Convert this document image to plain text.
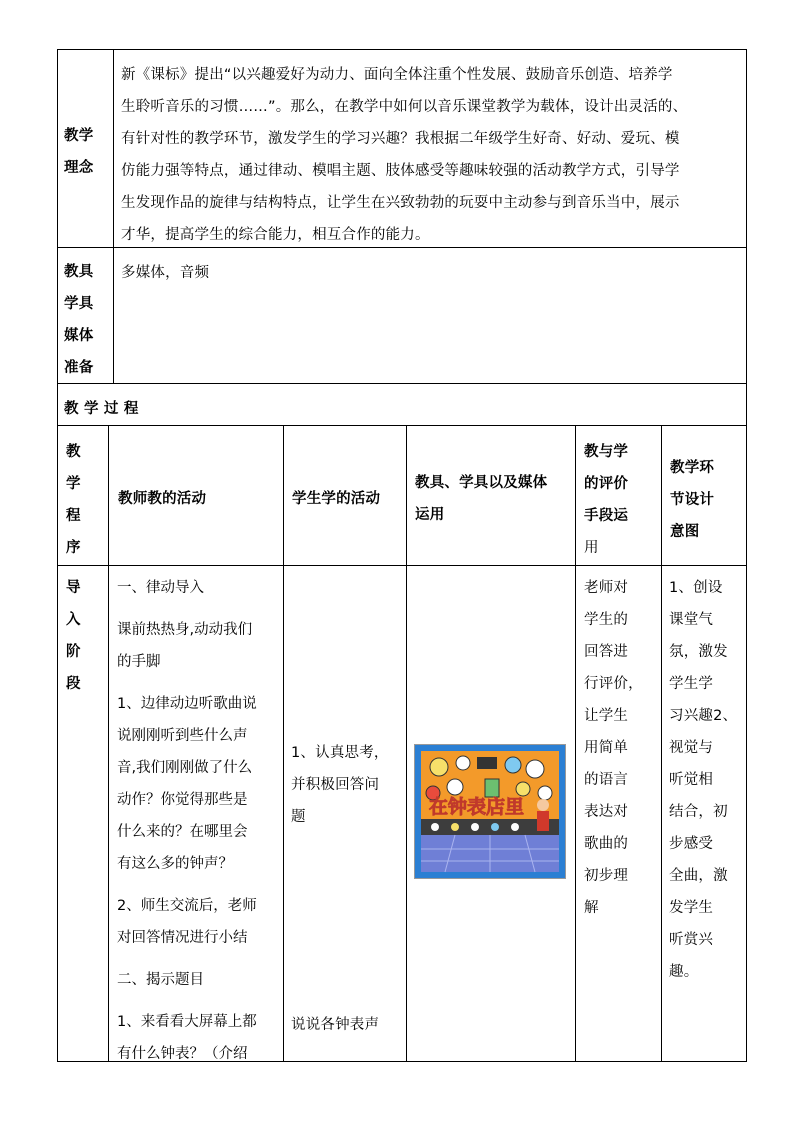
教学
理念
新《课标》提出“以兴趣爱好为动力、面向全体注重个性发展、鼓励音乐创造、培养学
生聆听音乐的习惯……”。那么，在教学中如何以音乐课堂教学为载体，设计出灵活的、
有针对性的教学环节，激发学生的学习兴趣？我根据二年级学生好奇、好动、爱玩、模
仿能力强等特点，通过律动、模唱主题、肢体感受等趣味较强的活动教学方式，引导学
生发现作品的旋律与结构特点，让学生在兴致勃勃的玩耍中主动参与到音乐当中，展示
才华，提高学生的综合能力，相互合作的能力。
教具
学具
媒体
准备
多媒体，音频
教 学 过 程
教
学
程
序
教师教的活动	学生学的活动
教具、学具以及媒体
运用
教与学
的评价
手段运
用
教学环
节设计
意图
导
入
阶
段
一、律动导入
课前热热身,动动我们
的手脚
1、边律动边听歌曲说
说刚刚听到些什么声
音,我们刚刚做了什么
动作？你觉得那些是
什么来的？在哪里会
有这么多的钟声？
2、师生交流后，老师
对回答情况进行小结
二、揭示题目
1、来看看大屏幕上都
有什么钟表？（介绍
1、认真思考，
并积极回答问
题
说说各钟表声
在钟表店里
老师对
学生的
回答进
行评价，
让学生
用简单
的语言
表达对
歌曲的
初步理
解
1、创设
课堂气
氛，激发
学生学
习兴趣2、
视觉与
听觉相
结合，初
步感受
全曲，激
发学生
听赏兴
趣。
